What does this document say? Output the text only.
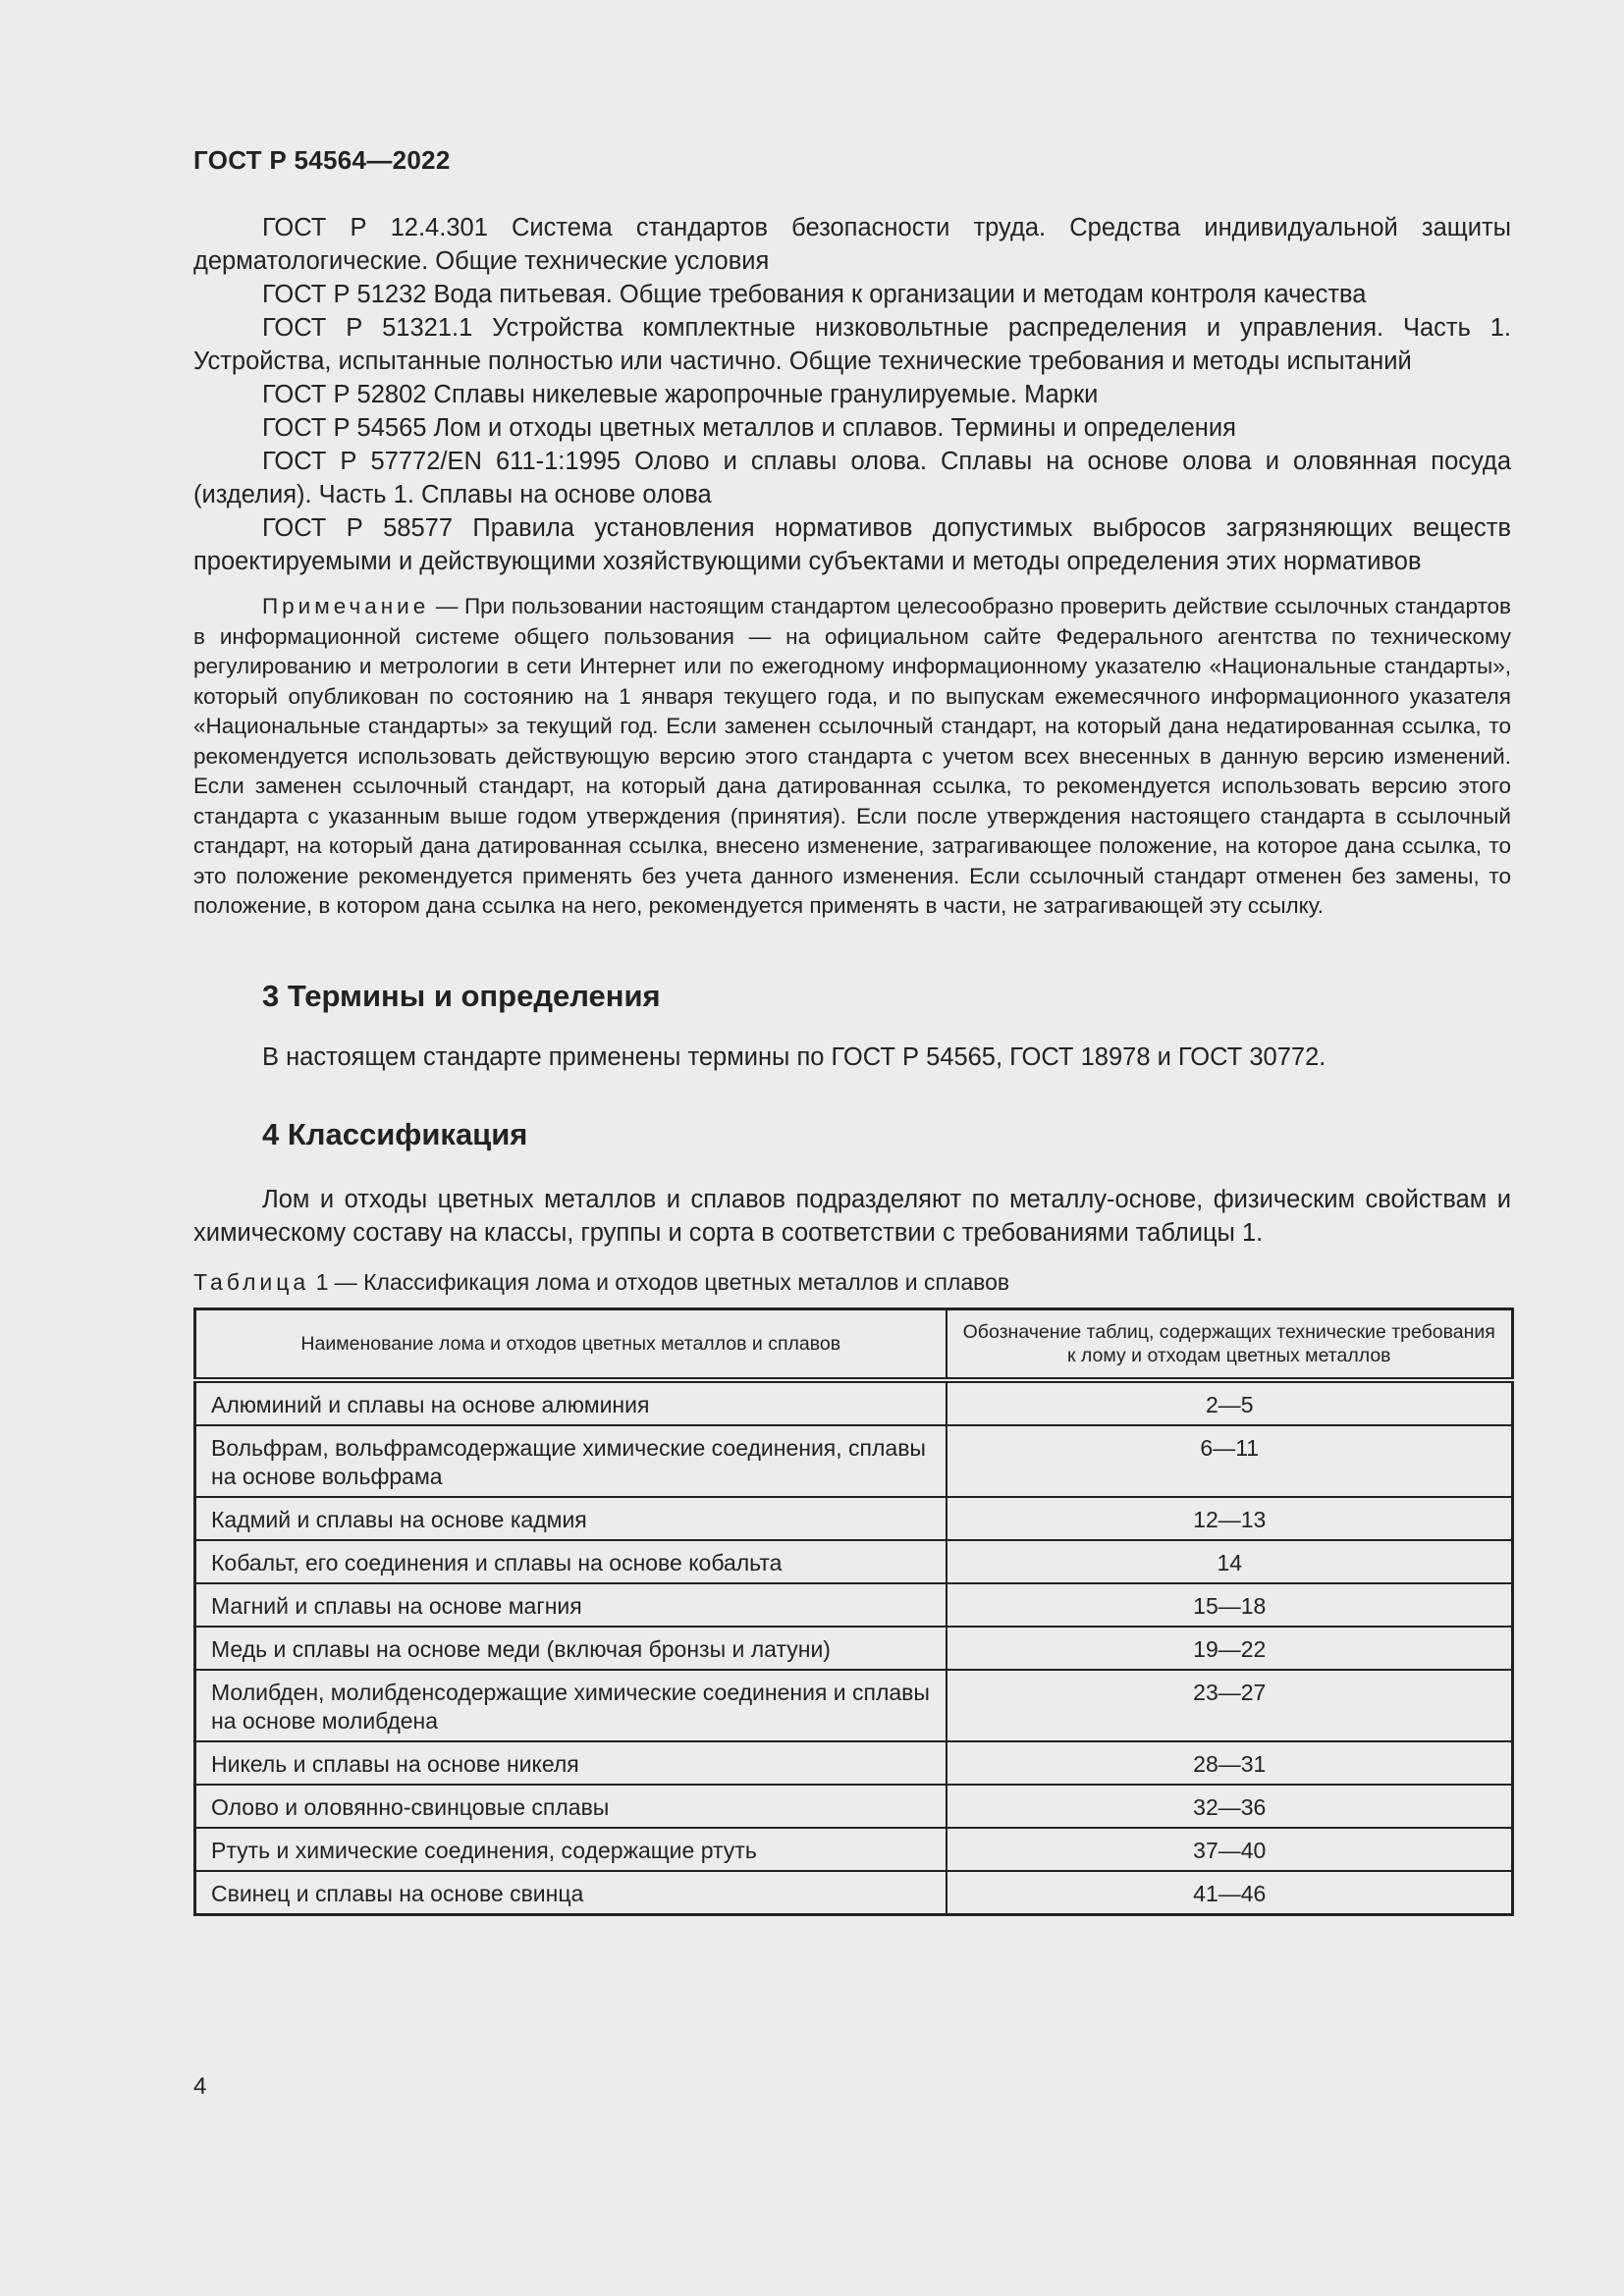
ГОСТ Р 54564—2022

ГОСТ Р 12.4.301 Система стандартов безопасности труда. Средства индивидуальной защиты дерматологические. Общие технические условия

ГОСТ Р 51232 Вода питьевая. Общие требования к организации и методам контроля качества

ГОСТ Р 51321.1 Устройства комплектные низковольтные распределения и управления. Часть 1. Устройства, испытанные полностью или частично. Общие технические требования и методы испытаний

ГОСТ Р 52802 Сплавы никелевые жаропрочные гранулируемые. Марки

ГОСТ Р 54565 Лом и отходы цветных металлов и сплавов. Термины и определения

ГОСТ Р 57772/EN 611-1:1995 Олово и сплавы олова. Сплавы на основе олова и оловянная посуда (изделия). Часть 1. Сплавы на основе олова

ГОСТ Р 58577 Правила установления нормативов допустимых выбросов загрязняющих веществ проектируемыми и действующими хозяйствующими субъектами и методы определения этих нормативов

Примечание — При пользовании настоящим стандартом целесообразно проверить действие ссылочных стандартов в информационной системе общего пользования — на официальном сайте Федерального агентства по техническому регулированию и метрологии в сети Интернет или по ежегодному информационному указателю «Национальные стандарты», который опубликован по состоянию на 1 января текущего года, и по выпускам ежемесячного информационного указателя «Национальные стандарты» за текущий год. Если заменен ссылочный стандарт, на который дана недатированная ссылка, то рекомендуется использовать действующую версию этого стандарта с учетом всех внесенных в данную версию изменений. Если заменен ссылочный стандарт, на который дана датированная ссылка, то рекомендуется использовать версию этого стандарта с указанным выше годом утверждения (принятия). Если после утверждения настоящего стандарта в ссылочный стандарт, на который дана датированная ссылка, внесено изменение, затрагивающее положение, на которое дана ссылка, то это положение рекомендуется применять без учета данного изменения. Если ссылочный стандарт отменен без замены, то положение, в котором дана ссылка на него, рекомендуется применять в части, не затрагивающей эту ссылку.

3 Термины и определения

В настоящем стандарте применены термины по ГОСТ Р 54565, ГОСТ 18978 и ГОСТ 30772.

4 Классификация

Лом и отходы цветных металлов и сплавов подразделяют по металлу-основе, физическим свойствам и химическому составу на классы, группы и сорта в соответствии с требованиями таблицы 1.

Таблица 1 — Классификация лома и отходов цветных металлов и сплавов
Наименование лома и отходов цветных металлов и сплавов	Обозначение таблиц, содержащих технические требования к лому и отходам цветных металлов
Алюминий и сплавы на основе алюминия	2—5
Вольфрам, вольфрамсодержащие химические соединения, сплавы на основе вольфрама	6—11
Кадмий и сплавы на основе кадмия	12—13
Кобальт, его соединения и сплавы на основе кобальта	14
Магний и сплавы на основе магния	15—18
Медь и сплавы на основе меди (включая бронзы и латуни)	19—22
Молибден, молибденсодержащие химические соединения и сплавы на основе молибдена	23—27
Никель и сплавы на основе никеля	28—31
Олово и оловянно-свинцовые сплавы	32—36
Ртуть и химические соединения, содержащие ртуть	37—40
Свинец и сплавы на основе свинца	41—46
4
